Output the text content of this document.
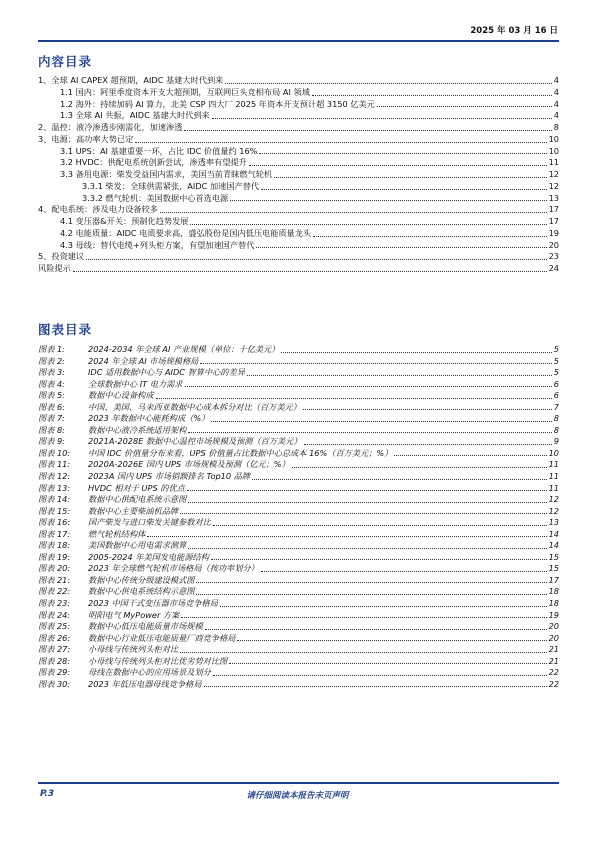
2025 年 03 月 16 日
内容目录
1、全球 AI CAPEX 超预期，AIDC 基建大时代到来	4
1.1 国内：阿里季度资本开支大超预期，互联网巨头竞相布局 AI 领域	4
1.2 海外：持续加码 AI 算力，北美 CSP 四大厂 2025 年资本开支预计超 3150 亿美元	4
1.3 全球 AI 共振，AIDC 基建大时代到来	4
2、温控：液冷渗透步刚需化，加速渗透	8
3、电源：高功率大势已定	10
3.1 UPS：AI 基建重要一环，占比 IDC 价值量约 16%	10
3.2 HVDC：供配电系统创新尝试，渗透率有望提升	11
3.3 备用电源：柴发受益国内需求，美国当前青睐燃气轮机	12
3.3.1 柴发：全球供需紧张，AIDC 加速国产替代	12
3.3.2 燃气轮机：美国数据中心首选电源	13
4、配电系统：涉及电力设备较多	17
4.1 变压器&开关：预制化趋势发展	17
4.2 电能质量：AIDC 电质要求高，盛弘股份是国内低压电能质量龙头	19
4.3 母线：替代电缆+列头柜方案，有望加速国产替代	20
5、投资建议	23
风险提示	24
图表目录
图表 1:	2024-2034 年全球 AI 产业规模（单位：十亿美元）	5
图表 2:	2024 年全球 AI 市场规模格局	5
图表 3:	IDC 适用数据中心与 AIDC 智算中心的差异	5
图表 4:	全球数据中心 IT 电力需求	6
图表 5:	数据中心设备构成	6
图表 6:	中国、美国、马来西亚数据中心成本拆分对比（百万美元）	7
图表 7:	2023 年数据中心能耗构成（%）	8
图表 8:	数据中心液冷系统适用架构	8
图表 9:	2021A-2028E 数据中心温控市场规模及预测（百万美元）	9
图表 10:	中国 IDC 价值量分布来看，UPS 价值量占比数据中心总成本 16%（百万美元；%）	10
图表 11:	2020A-2026E 国内 UPS 市场规模及预测（亿元；%）	11
图表 12:	2023A 国内 UPS 市场销额排名 Top10 品牌	11
图表 13:	HVDC 相对于 UPS 的优点	11
图表 14:	数据中心供配电系统示意图	12
图表 15:	数据中心主要柴油机品牌	12
图表 16:	国产柴发与进口柴发关键参数对比	13
图表 17:	燃气轮机结构体	14
图表 18:	美国数据中心用电需求测算	14
图表 19:	2005-2024 年美国发电能源结构	15
图表 20:	2023 年全球燃气轮机市场格局（按功率划分）	15
图表 21:	数据中心传统分级建设模式图	17
图表 22:	数据中心供电系统结构示意图	18
图表 23:	2023 中国干式变压器市场竞争格局	18
图表 24:	明阳电气 MyPower 方案	19
图表 25:	数据中心低压电能质量市场规模	20
图表 26:	数据中心行业低压电能质量厂商竞争格局	20
图表 27:	小母线与传统列头柜对比	21
图表 28:	小母线与传统列头柜对比优劣势对比图	21
图表 29:	母线在数据中心的应用场景及划分	22
图表 30:	2023 年低压电器母线竞争格局	22
请仔细阅读本报告末页声明
P.3
